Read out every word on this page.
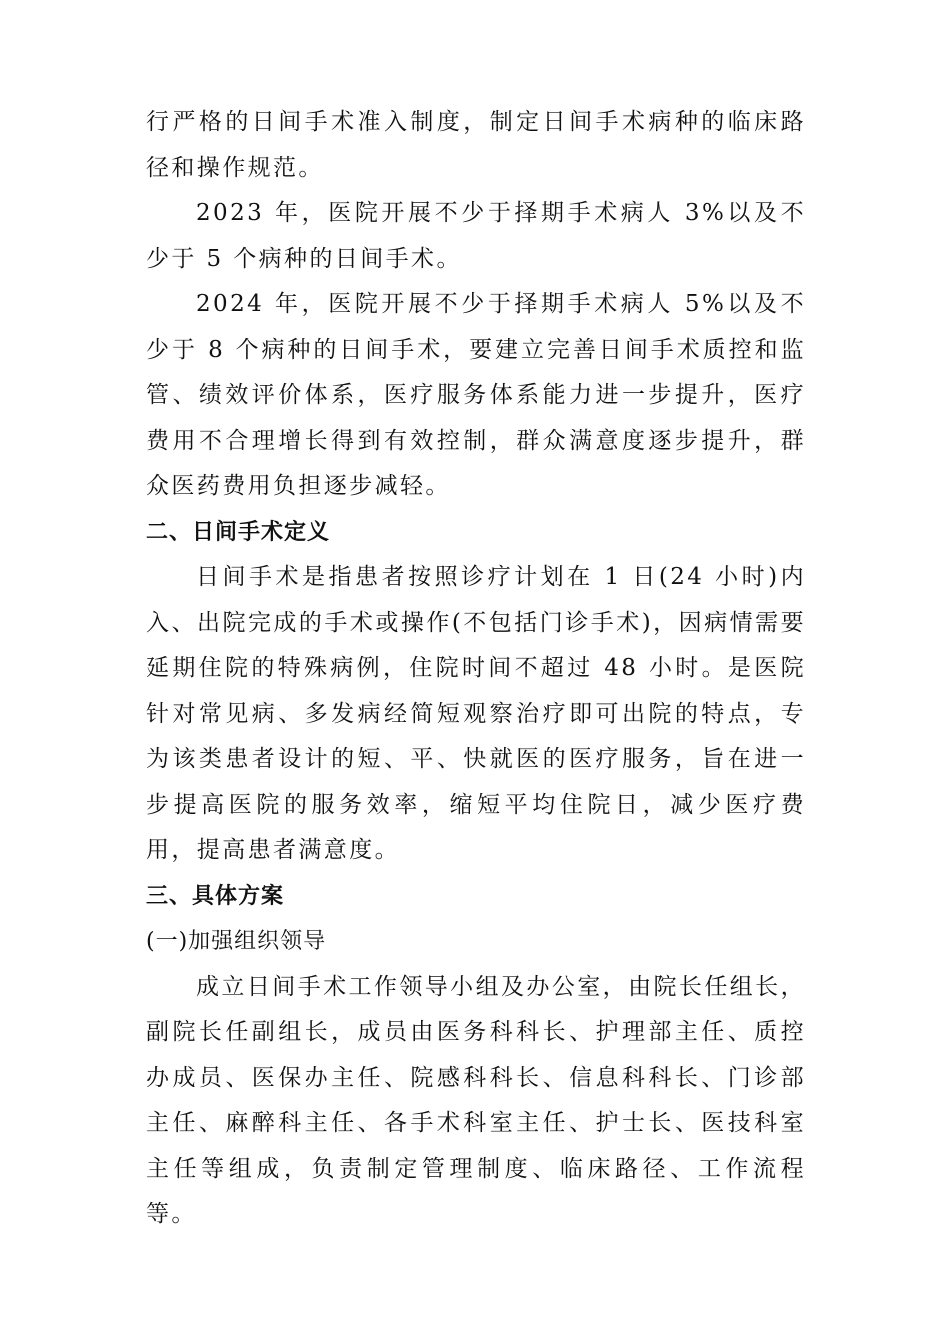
行严格的日间手术准入制度，制定日间手术病种的临床路径和操作规范。

2023 年，医院开展不少于择期手术病人 3%以及不少于 5 个病种的日间手术。

2024 年，医院开展不少于择期手术病人 5%以及不少于 8 个病种的日间手术，要建立完善日间手术质控和监管、绩效评价体系，医疗服务体系能力进一步提升，医疗费用不合理增长得到有效控制，群众满意度逐步提升，群众医药费用负担逐步减轻。

二、日间手术定义

日间手术是指患者按照诊疗计划在 1 日(24 小时)内入、出院完成的手术或操作(不包括门诊手术)，因病情需要延期住院的特殊病例，住院时间不超过 48 小时。是医院针对常见病、多发病经简短观察治疗即可出院的特点，专为该类患者设计的短、平、快就医的医疗服务，旨在进一步提高医院的服务效率，缩短平均住院日，减少医疗费用，提高患者满意度。

三、具体方案

(一)加强组织领导

成立日间手术工作领导小组及办公室，由院长任组长，副院长任副组长，成员由医务科科长、护理部主任、质控办成员、医保办主任、院感科科长、信息科科长、门诊部主任、麻醉科主任、各手术科室主任、护士长、医技科室主任等组成，负责制定管理制度、临床路径、工作流程等。
